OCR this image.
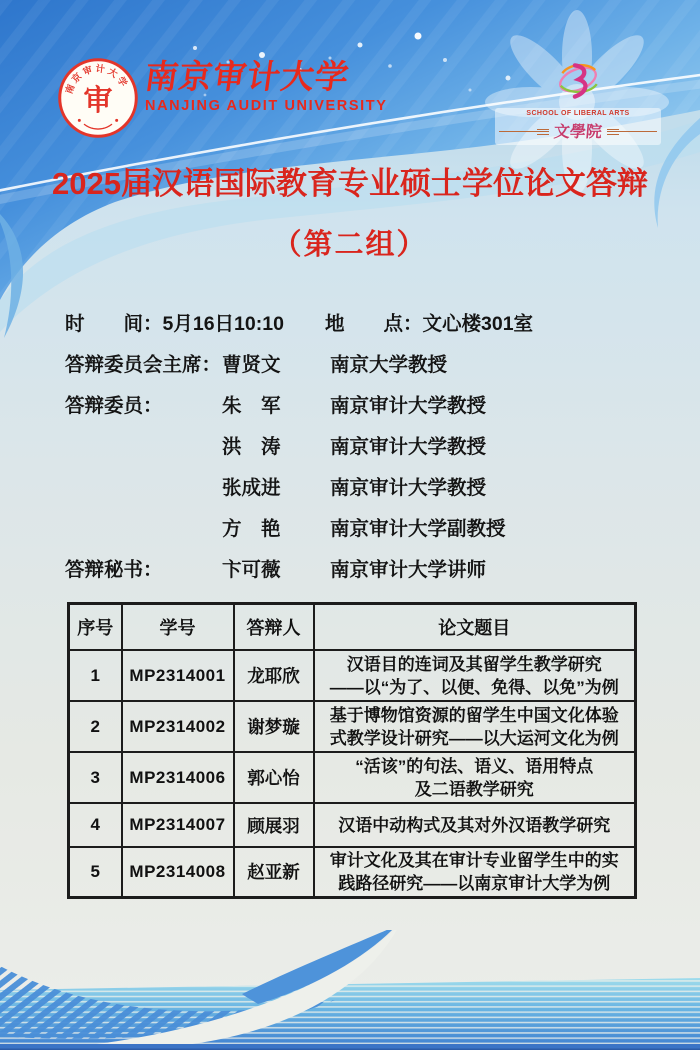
南京审计大学
审
南京审计大学
NANJING AUDIT UNIVERSITY	SCHOOL OF LIBERAL ARTS
文學院
2025届汉语国际教育专业硕士学位论文答辩
（第二组）
时　　间：5月16日10:10	地　　点：文心楼301室
答辩委员会主席： 曹贤文	南京大学教授
答辩委员：	朱　军	南京审计大学教授
洪　涛	南京审计大学教授
张成进	南京审计大学教授
方　艳	南京审计大学副教授
答辩秘书：	卞可薇	南京审计大学讲师
序号	学号	答辩人	论文题目
1	MP2314001	龙耶欣	汉语目的连词及其留学生教学研究
——以“为了、以便、免得、以免”为例

2	MP2314002	谢梦璇	基于博物馆资源的留学生中国文化体验
式教学设计研究——以大运河文化为例

3	MP2314006	郭心怡	“活该”的句法、语义、语用特点
及二语教学研究

4	MP2314007	顾展羽	汉语中动构式及其对外汉语教学研究

5	MP2314008	赵亚新	审计文化及其在审计专业留学生中的实
践路径研究——以南京审计大学为例
